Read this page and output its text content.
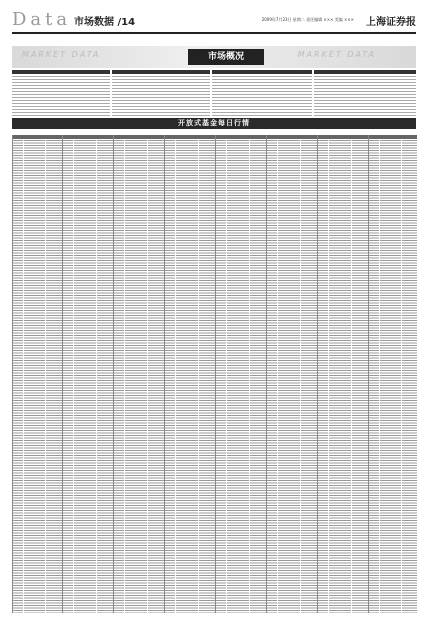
Data 市场数据 /14	2009年7月23日 星期二 责任编辑 ××× 美编 ××× 上海证券报
MARKET DATA	MARKET DATA
市场概况
开放式基金每日行情
